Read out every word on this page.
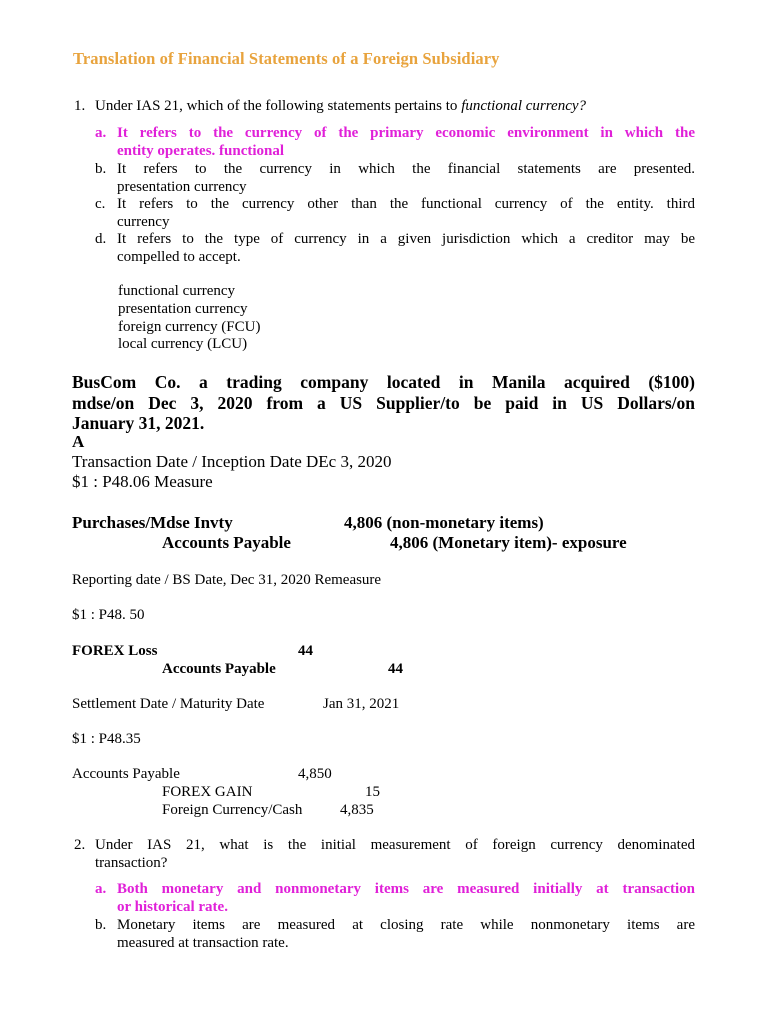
Translation of Financial Statements of a Foreign Subsidiary
1. Under IAS 21, which of the following statements pertains to functional currency?
a. It refers to the currency of the primary economic environment in which the
entity operates. functional
b. It refers to the currency in which the financial statements are presented.
presentation currency
c. It refers to the currency other than the functional currency of the entity. third
currency
d. It refers to the type of currency in a given jurisdiction which a creditor may be
compelled to accept.
functional currency
presentation currency
foreign currency (FCU)
local currency (LCU)
BusCom Co. a trading company located in Manila acquired ($100)
mdse/on Dec 3, 2020 from a US Supplier/to be paid in US Dollars/on
January 31, 2021.
A
Transaction Date / Inception Date DEc 3, 2020
$1 : P48.06 Measure
Purchases/Mdse Invty	4,806 (non-monetary items)
Accounts Payable	4,806 (Monetary item)- exposure
Reporting date / BS Date, Dec 31, 2020 Remeasure
$1 : P48. 50
FOREX Loss	44
Accounts Payable	44
Settlement Date / Maturity Date	Jan 31, 2021
$1 : P48.35
Accounts Payable	4,850
FOREX GAIN	15
Foreign Currency/Cash	4,835
2. Under IAS 21, what is the initial measurement of foreign currency denominated
transaction?
a. Both monetary and nonmonetary items are measured initially at transaction
or historical rate.
b. Monetary items are measured at closing rate while nonmonetary items are
measured at transaction rate.
